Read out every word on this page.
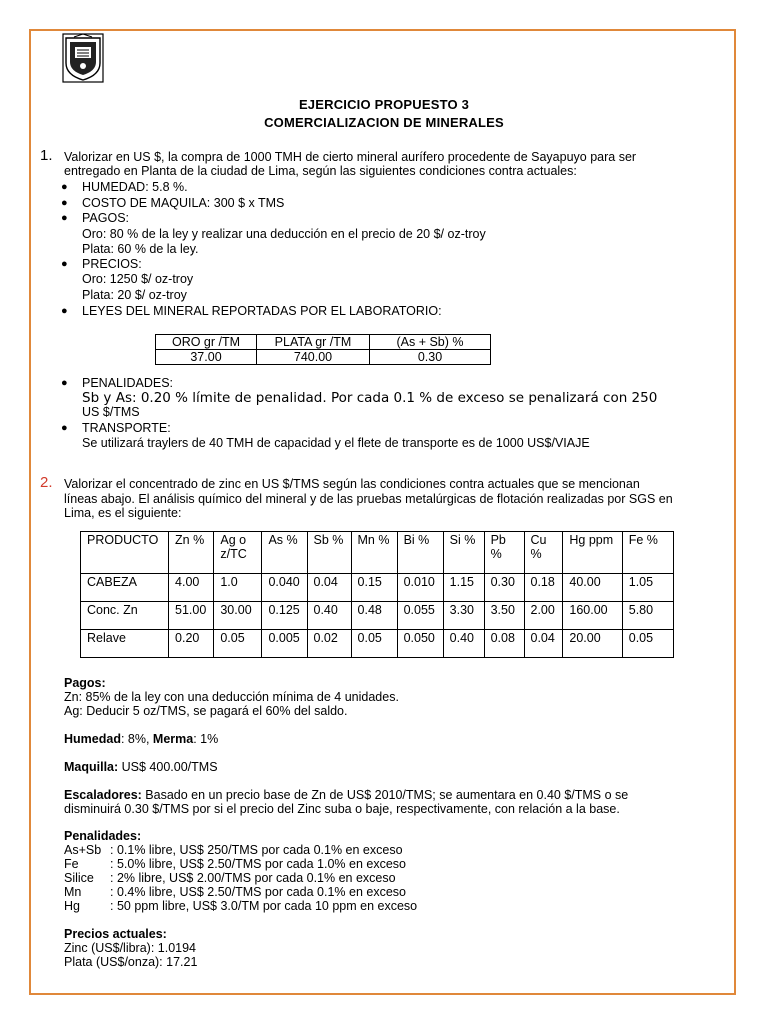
EJERCICIO PROPUESTO 3
COMERCIALIZACION DE MINERALES
1. Valorizar en US $, la compra de 1000 TMH de cierto mineral aurífero procedente de Sayapuyo para ser
entregado en Planta de la ciudad de Lima, según las siguientes condiciones contra actuales:
● HUMEDAD: 5.8 %.
● COSTO DE MAQUILA: 300 $ x TMS
● PAGOS:
Oro: 80 % de la ley y realizar una deducción en el precio de 20 $/ oz-troy
Plata: 60 % de la ley.
● PRECIOS:
Oro: 1250 $/ oz-troy
Plata: 20 $/ oz-troy
● LEYES DEL MINERAL REPORTADAS POR EL LABORATORIO:
ORO gr /TM	PLATA gr /TM	(As + Sb) %
37.00	740.00	0.30
● PENALIDADES:
Sb y As: 0.20 % límite de penalidad. Por cada 0.1 % de exceso se penalizará con 250
US $/TMS
● TRANSPORTE:
Se utilizará traylers de 40 TMH de capacidad y el flete de transporte es de 1000 US$/VIAJE
2. Valorizar el concentrado de zinc en US $/TMS según las condiciones contra actuales que se mencionan
líneas abajo. El análisis químico del mineral y de las pruebas metalúrgicas de flotación realizadas por SGS en
Lima, es el siguiente:
PRODUCTO	Zn %	Ag oz/TC	As %	Sb %	Mn %	Bi %	Si %	Pb %	Cu %	Hg ppm	Fe %
CABEZA	4.00	1.0	0.040	0.04	0.15	0.010	1.15	0.30	0.18	40.00	1.05
Conc. Zn	51.00	30.00	0.125	0.40	0.48	0.055	3.30	3.50	2.00	160.00	5.80
Relave	0.20	0.05	0.005	0.02	0.05	0.050	0.40	0.08	0.04	20.00	0.05
Pagos:
Zn: 85% de la ley con una deducción mínima de 4 unidades.
Ag: Deducir 5 oz/TMS, se pagará el 60% del saldo.
Humedad: 8%, Merma: 1%
Maquilla: US$ 400.00/TMS
Escaladores: Basado en un precio base de Zn de US$ 2010/TMS; se aumentara en 0.40 $/TMS o se
disminuirá 0.30 $/TMS por si el precio del Zinc suba o baje, respectivamente, con relación a la base.
Penalidades:
As+Sb : 0.1% libre, US$ 250/TMS por cada 0.1% en exceso
Fe	: 5.0% libre, US$ 2.50/TMS por cada 1.0% en exceso
Silice : 2% libre, US$ 2.00/TMS por cada 0.1% en exceso
Mn : 0.4% libre, US$ 2.50/TMS por cada 0.1% en exceso
Hg : 50 ppm libre, US$ 3.0/TM por cada 10 ppm en exceso
Precios actuales:
Zinc (US$/libra): 1.0194
Plata (US$/onza): 17.21
